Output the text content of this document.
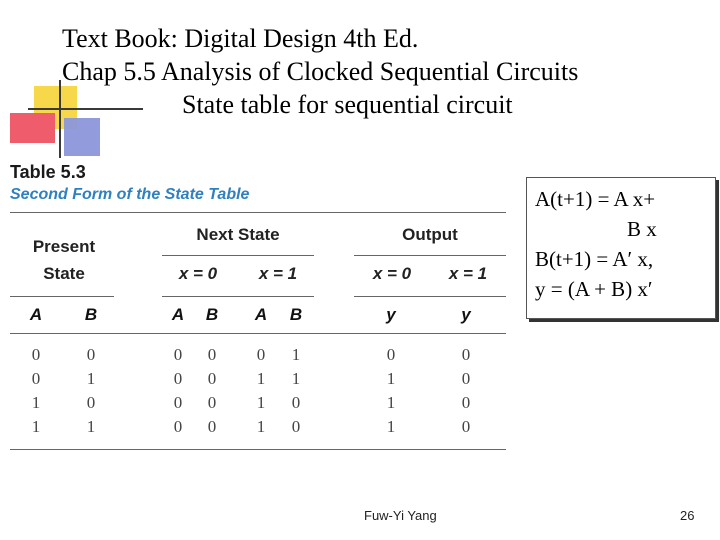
Text Book: Digital Design 4th Ed.
Chap 5.5 Analysis of Clocked Sequential Circuits
State table for sequential circuit
Table 5.3
Second Form of the State Table
Present
State
Next State	Output
x = 0	x = 1	x = 0	x = 1
A	B	A	B	A	B	y	y
0	0	0	0	0	1	0	0
0	1	0	0	1	1	1	0
1	0	0	0	1	0	1	0
1	1	0	0	1	0	1	0
A(t+1) = A x+
B x
B(t+1) = A′ x,
y = (A + B) x′
Fuw-Yi Yang	26
